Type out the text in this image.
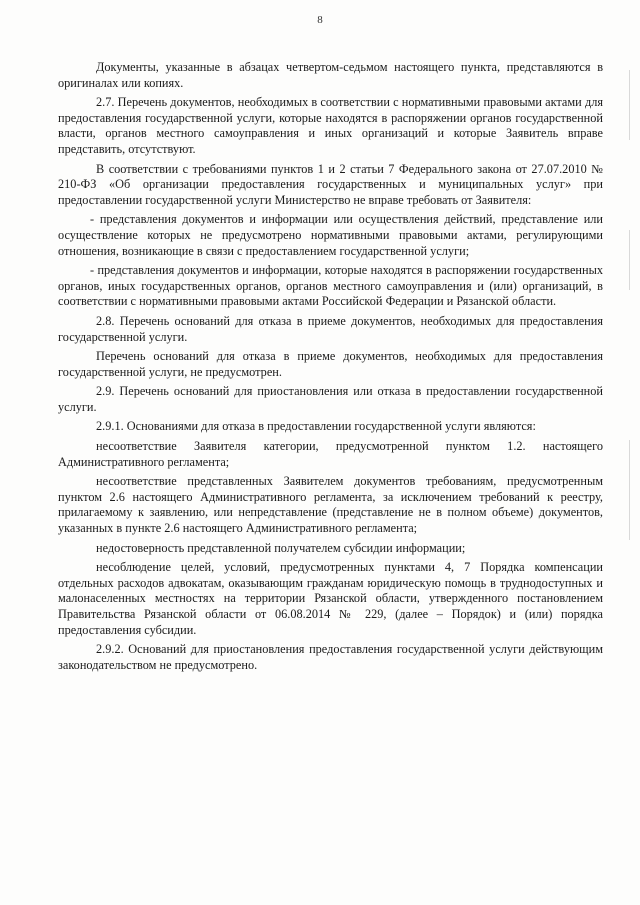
8

Документы, указанные в абзацах четвертом-седьмом настоящего пункта, представляются в оригиналах или копиях.

2.7. Перечень документов, необходимых в соответствии с нормативными правовыми актами для предоставления государственной услуги, которые находятся в распоряжении органов государственной власти, органов местного самоуправления и иных организаций и которые Заявитель вправе представить, отсутствуют.

В соответствии с требованиями пунктов 1 и 2 статьи 7 Федерального закона от 27.07.2010 № 210-ФЗ «Об организации предоставления государственных и муниципальных услуг» при предоставлении государственной услуги Министерство не вправе требовать от Заявителя:

- представления документов и информации или осуществления действий, представление или осуществление которых не предусмотрено нормативными правовыми актами, регулирующими отношения, возникающие в связи с предоставлением государственной услуги;

- представления документов и информации, которые находятся в распоряжении государственных органов, иных государственных органов, органов местного самоуправления и (или) организаций, в соответствии с нормативными правовыми актами Российской Федерации и Рязанской области.

2.8. Перечень оснований для отказа в приеме документов, необходимых для предоставления государственной услуги.

Перечень оснований для отказа в приеме документов, необходимых для предоставления государственной услуги, не предусмотрен.

2.9. Перечень оснований для приостановления или отказа в предоставлении государственной услуги.

2.9.1. Основаниями для отказа в предоставлении государственной услуги являются:

несоответствие Заявителя категории, предусмотренной пунктом 1.2. настоящего Административного регламента;

несоответствие представленных Заявителем документов требованиям, предусмотренным пунктом 2.6 настоящего Административного регламента, за исключением требований к реестру, прилагаемому к заявлению, или непредставление (представление не в полном объеме) документов, указанных в пункте 2.6 настоящего Административного регламента;

недостоверность представленной получателем субсидии информации;

несоблюдение целей, условий, предусмотренных пунктами 4, 7 Порядка компенсации отдельных расходов адвокатам, оказывающим гражданам юридическую помощь в труднодоступных и малонаселенных местностях на территории Рязанской области, утвержденного постановлением Правительства Рязанской области от 06.08.2014 № 229, (далее – Порядок) и (или) порядка предоставления субсидии.

2.9.2. Оснований для приостановления предоставления государственной услуги действующим законодательством не предусмотрено.
